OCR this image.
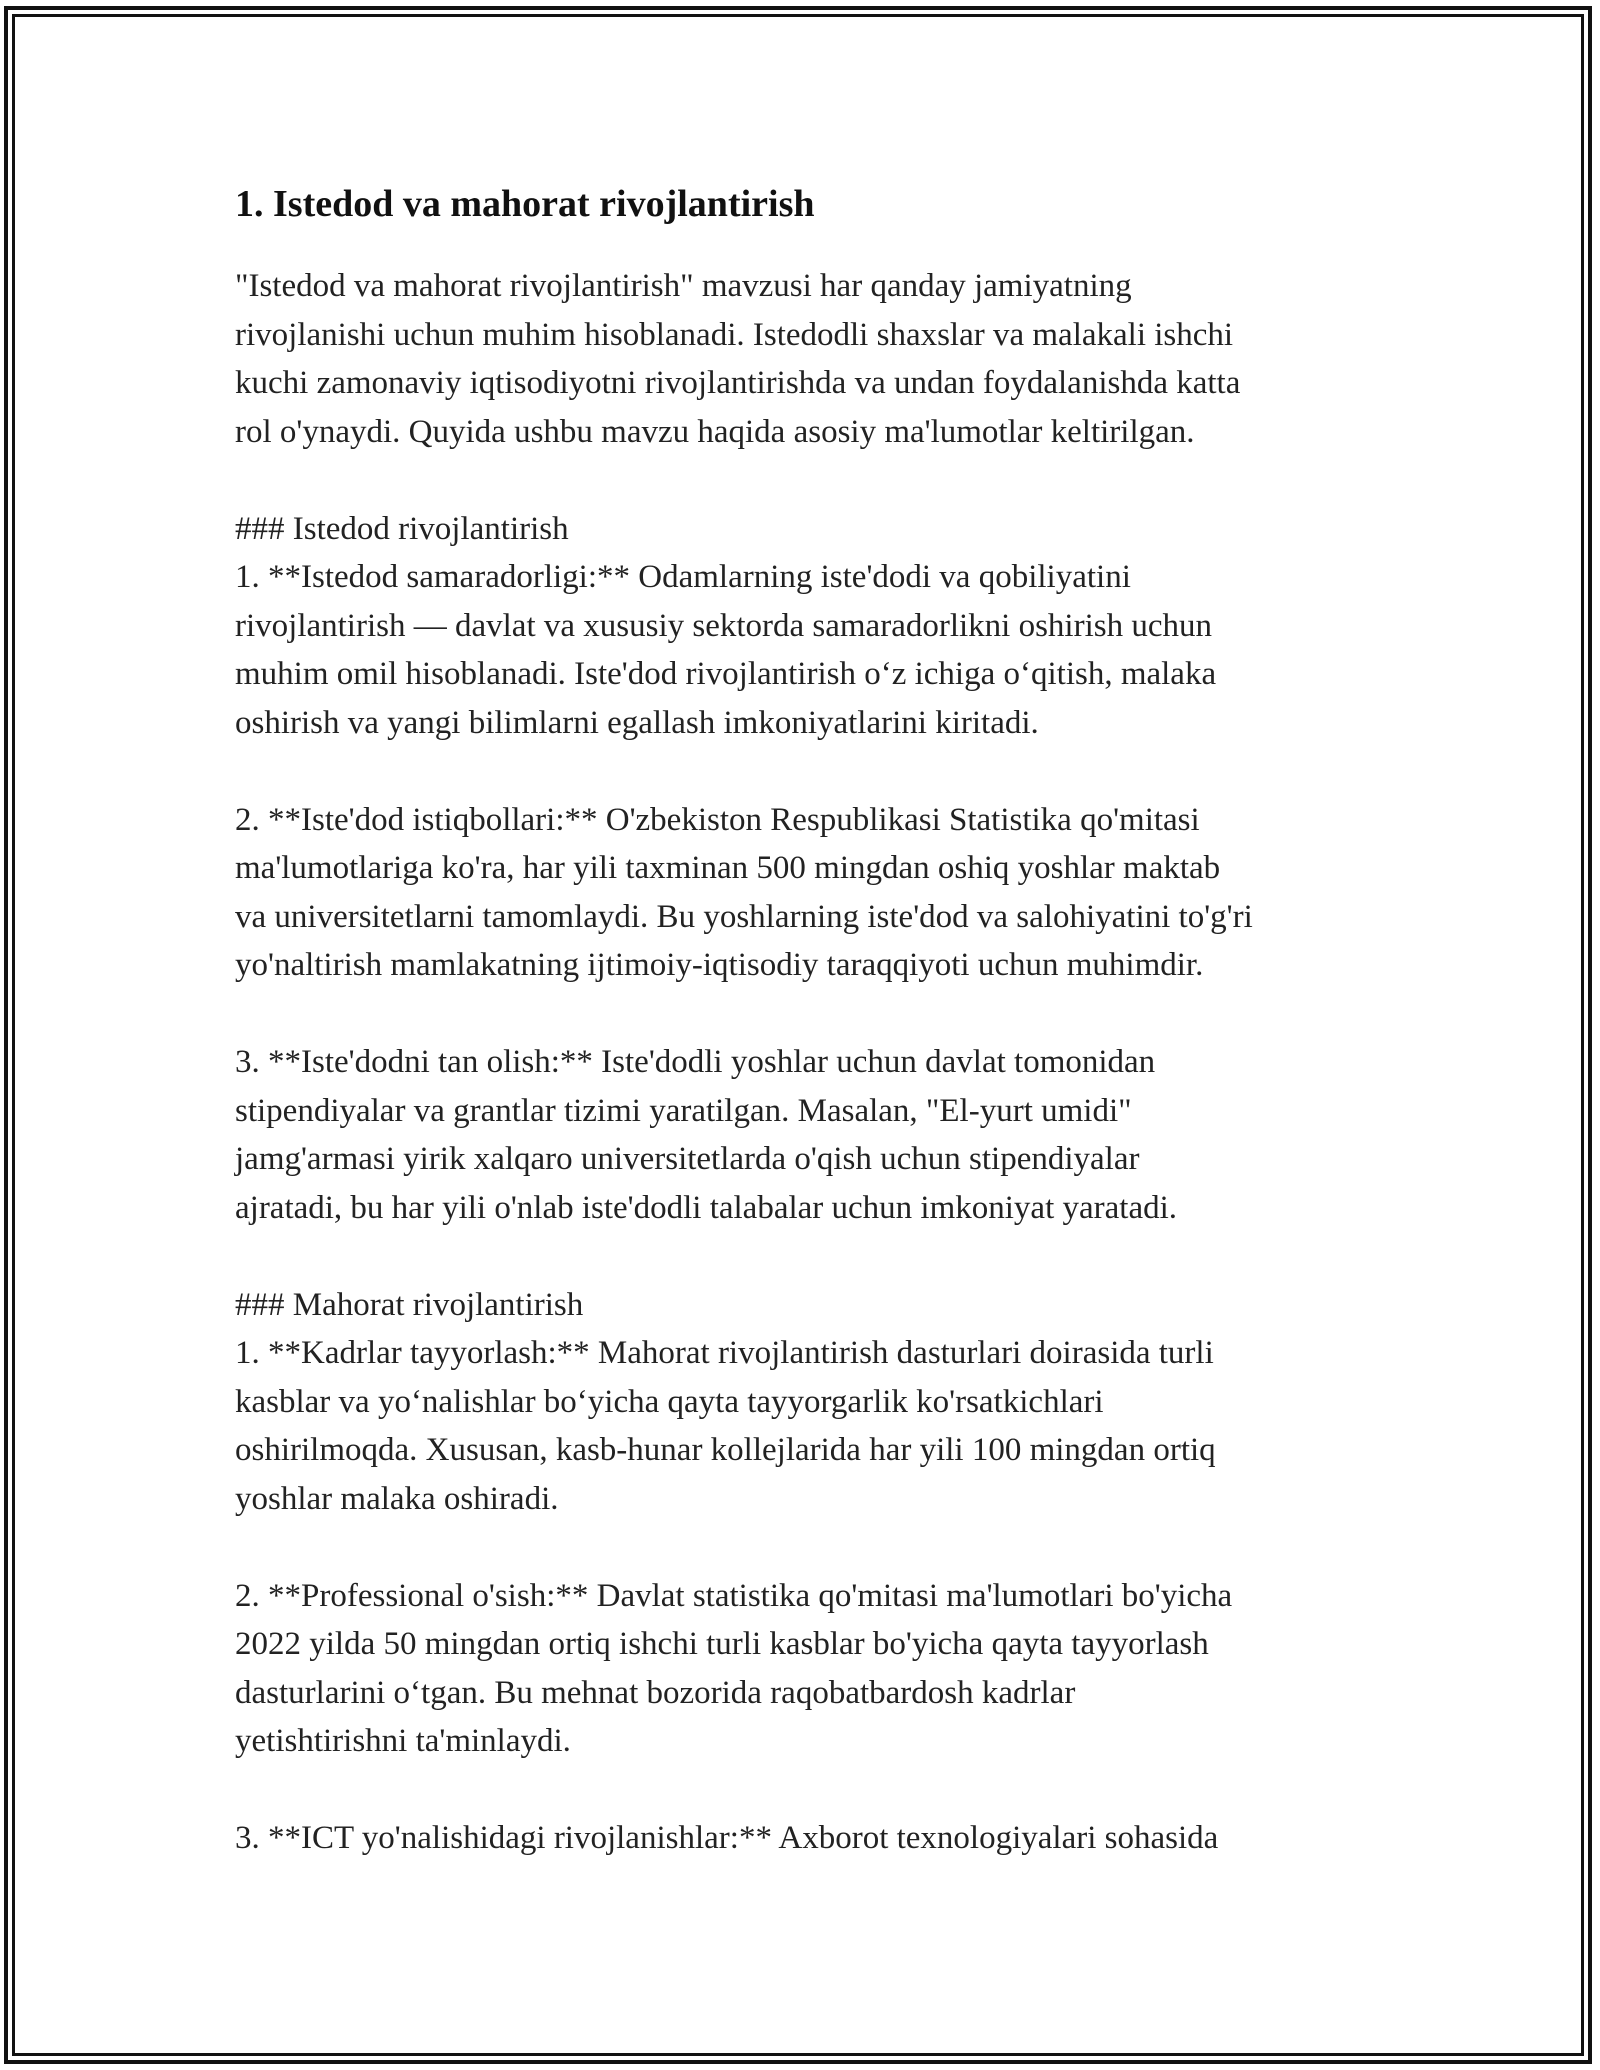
1. Istedod va mahorat rivojlantirish
"Istedod va mahorat rivojlantirish" mavzusi har qanday jamiyatning
rivojlanishi uchun muhim hisoblanadi. Istedodli shaxslar va malakali ishchi
kuchi zamonaviy iqtisodiyotni rivojlantirishda va undan foydalanishda katta
rol o'ynaydi. Quyida ushbu mavzu haqida asosiy ma'lumotlar keltirilgan.
### Istedod rivojlantirish
1. **Istedod samaradorligi:** Odamlarning iste'dodi va qobiliyatini
rivojlantirish — davlat va xususiy sektorda samaradorlikni oshirish uchun
muhim omil hisoblanadi. Iste'dod rivojlantirish oʻz ichiga oʻqitish, malaka
oshirish va yangi bilimlarni egallash imkoniyatlarini kiritadi.
2. **Iste'dod istiqbollari:** O'zbekiston Respublikasi Statistika qo'mitasi
ma'lumotlariga ko'ra, har yili taxminan 500 mingdan oshiq yoshlar maktab
va universitetlarni tamomlaydi. Bu yoshlarning iste'dod va salohiyatini to'g'ri
yo'naltirish mamlakatning ijtimoiy-iqtisodiy taraqqiyoti uchun muhimdir.
3. **Iste'dodni tan olish:** Iste'dodli yoshlar uchun davlat tomonidan
stipendiyalar va grantlar tizimi yaratilgan. Masalan, "El-yurt umidi"
jamg'armasi yirik xalqaro universitetlarda o'qish uchun stipendiyalar
ajratadi, bu har yili o'nlab iste'dodli talabalar uchun imkoniyat yaratadi.
### Mahorat rivojlantirish
1. **Kadrlar tayyorlash:** Mahorat rivojlantirish dasturlari doirasida turli
kasblar va yoʻnalishlar boʻyicha qayta tayyorgarlik ko'rsatkichlari
oshirilmoqda. Xususan, kasb-hunar kollejlarida har yili 100 mingdan ortiq
yoshlar malaka oshiradi.
2. **Professional o'sish:** Davlat statistika qo'mitasi ma'lumotlari bo'yicha
2022 yilda 50 mingdan ortiq ishchi turli kasblar bo'yicha qayta tayyorlash
dasturlarini oʻtgan. Bu mehnat bozorida raqobatbardosh kadrlar
yetishtirishni ta'minlaydi.
3. **ICT yo'nalishidagi rivojlanishlar:** Axborot texnologiyalari sohasida
